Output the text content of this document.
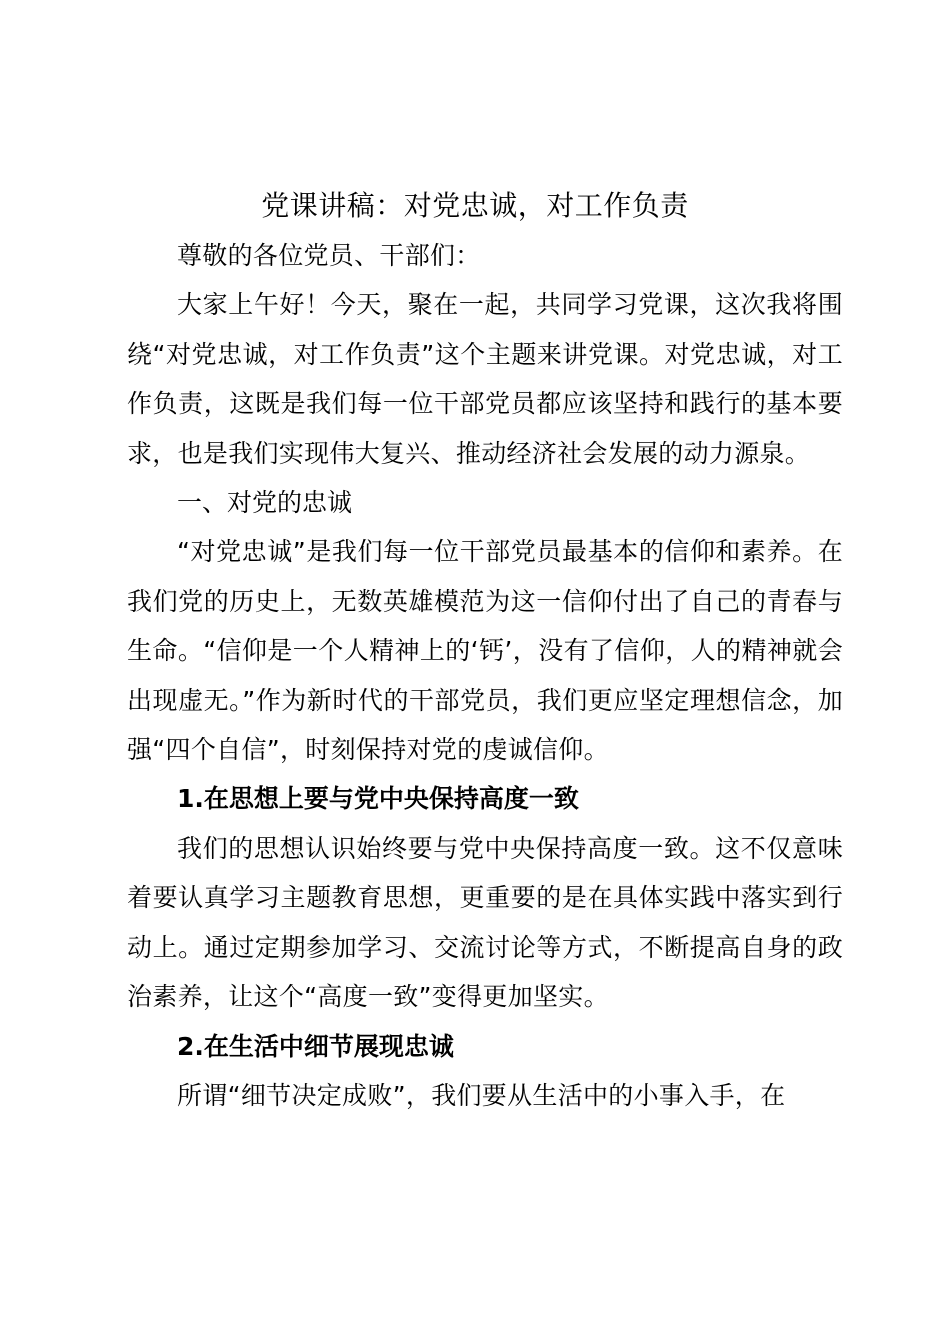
党课讲稿：对党忠诚，对工作负责

尊敬的各位党员、干部们：

大家上午好！今天，聚在一起，共同学习党课，这次我将围绕“对党忠诚，对工作负责”这个主题来讲党课。对党忠诚，对工作负责，这既是我们每一位干部党员都应该坚持和践行的基本要求，也是我们实现伟大复兴、推动经济社会发展的动力源泉。

一、对党的忠诚

“对党忠诚”是我们每一位干部党员最基本的信仰和素养。在我们党的历史上，无数英雄模范为这一信仰付出了自己的青春与生命。“信仰是一个人精神上的‘钙’，没有了信仰，人的精神就会出现虚无。”作为新时代的干部党员，我们更应坚定理想信念，加强“四个自信”，时刻保持对党的虔诚信仰。

1.在思想上要与党中央保持高度一致

我们的思想认识始终要与党中央保持高度一致。这不仅意味着要认真学习主题教育思想，更重要的是在具体实践中落实到行动上。通过定期参加学习、交流讨论等方式，不断提高自身的政治素养，让这个“高度一致”变得更加坚实。

2.在生活中细节展现忠诚

所谓“细节决定成败”，我们要从生活中的小事入手，在
